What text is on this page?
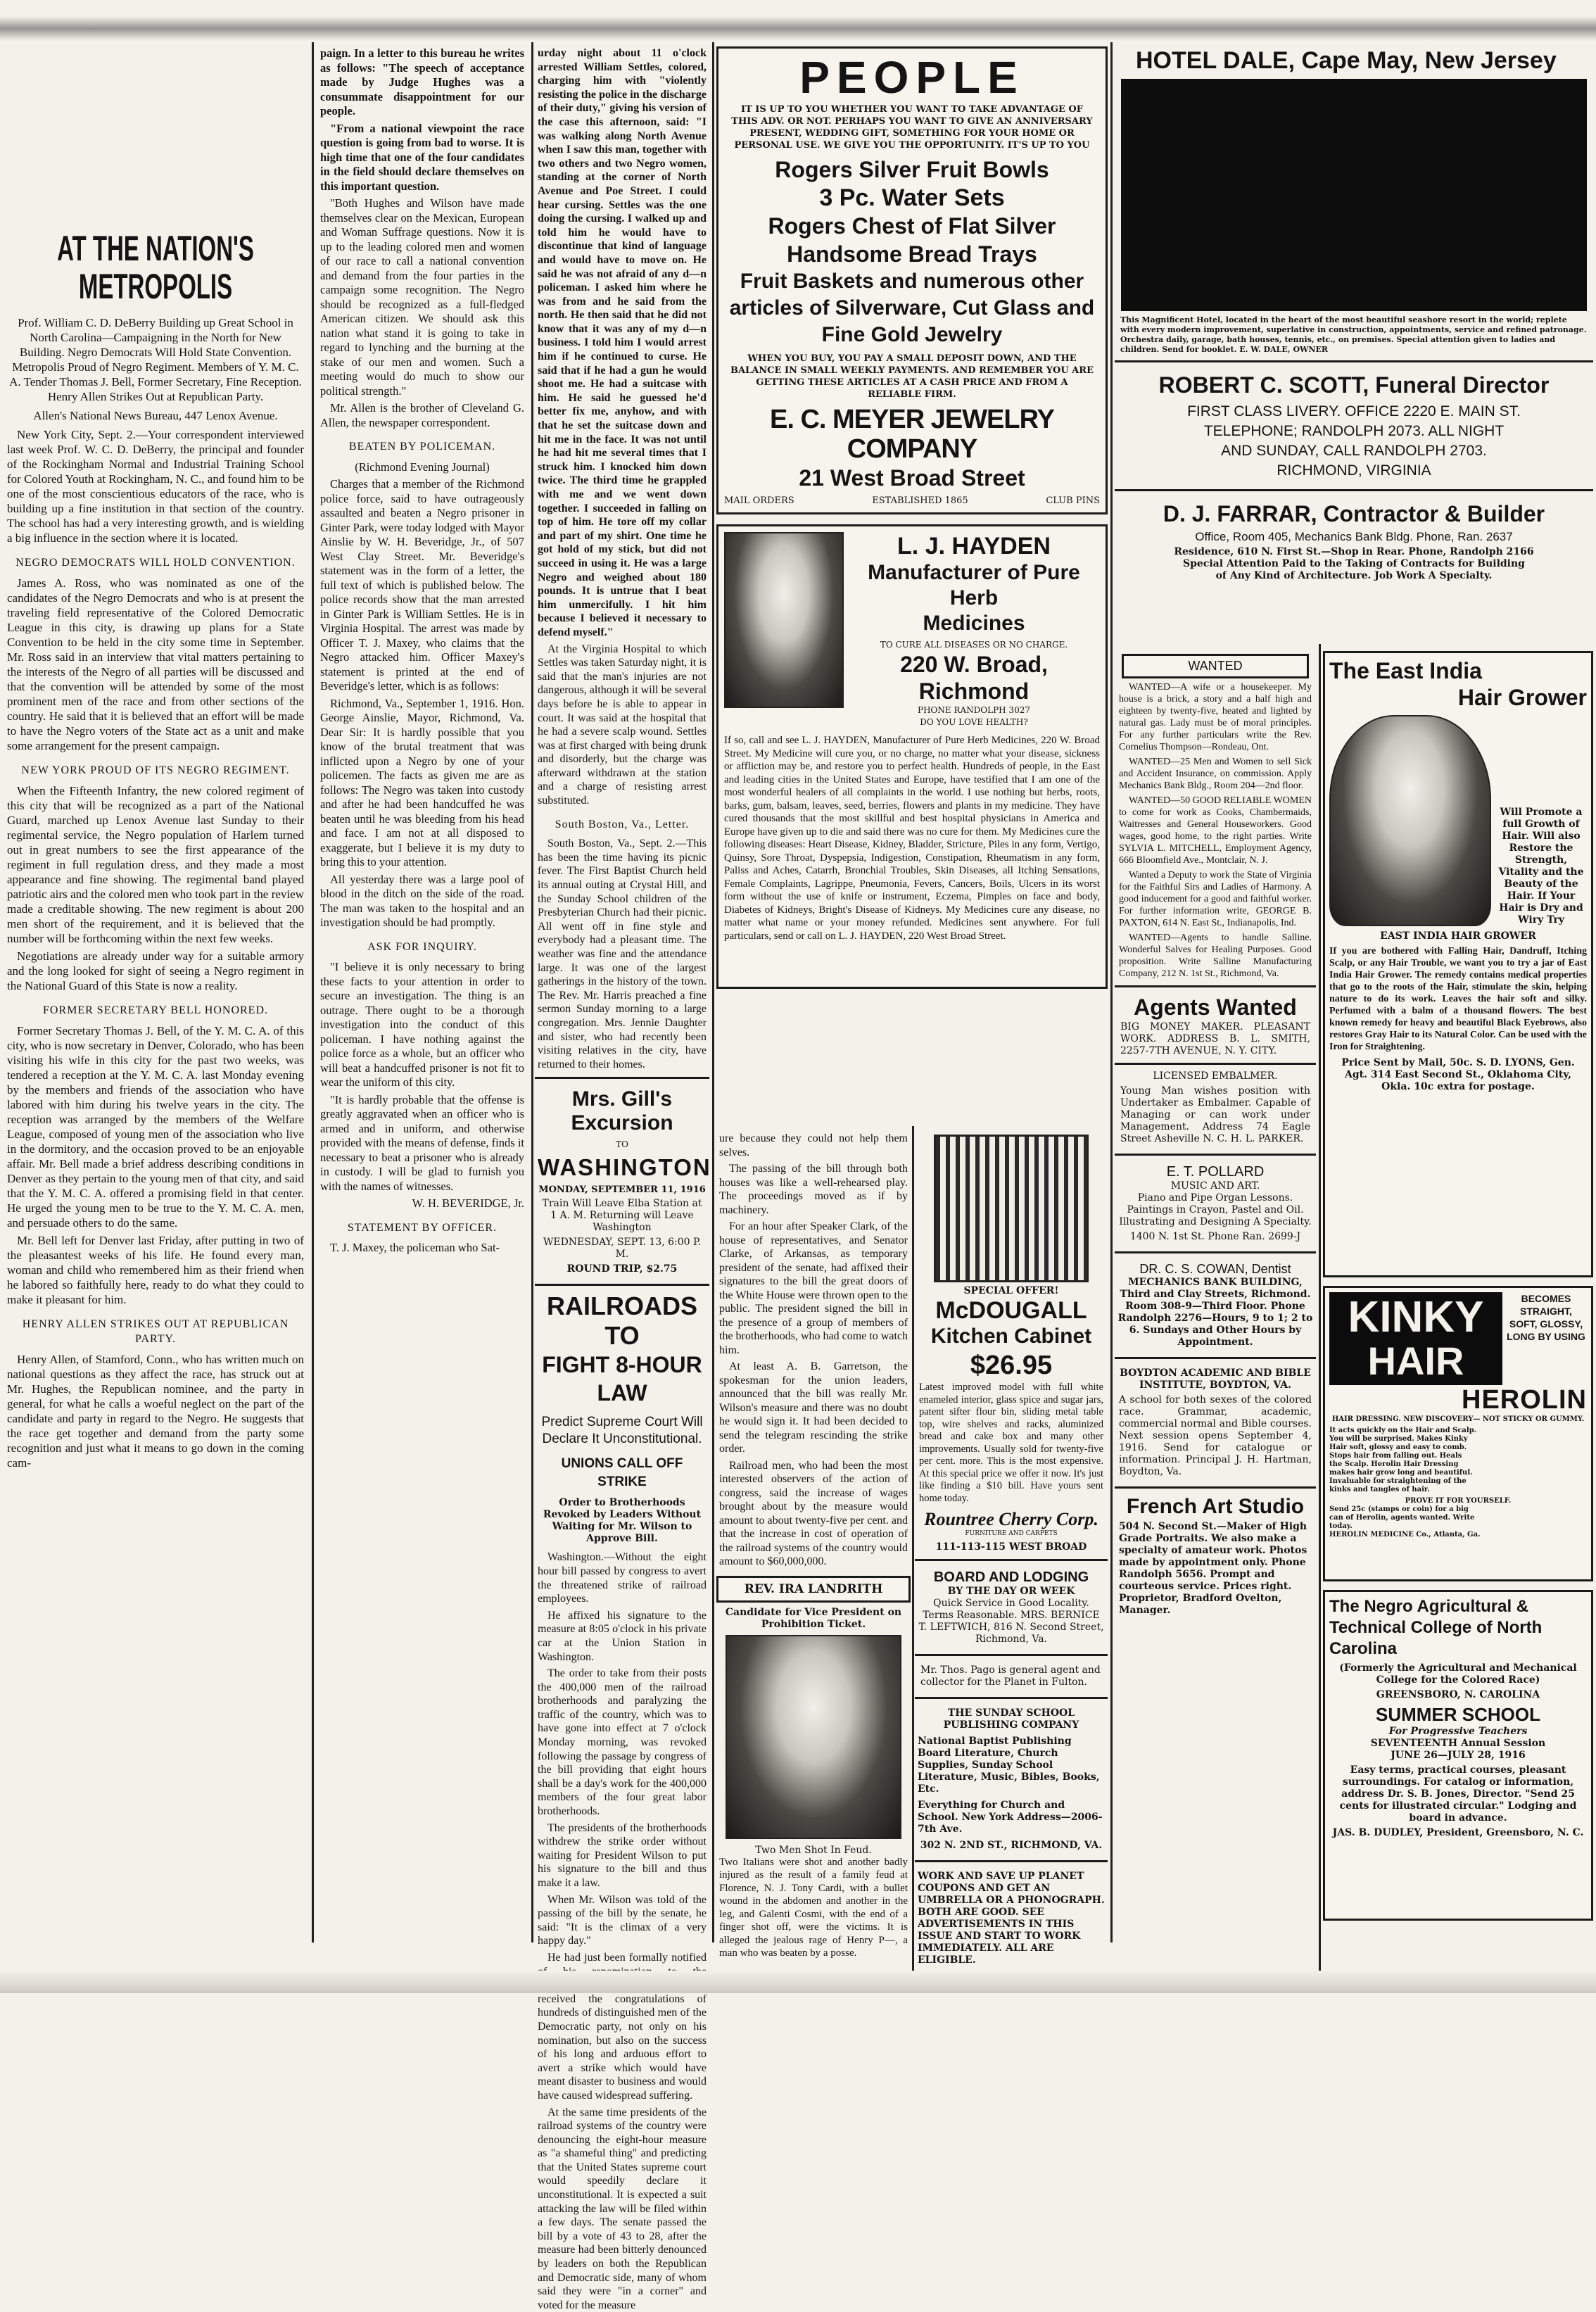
AT THE NATION'S
METROPOLIS

Prof. William C. D. DeBerry Building up Great School in North Carolina—Campaigning in the North for New Building. Negro Democrats Will Hold State Convention. Metropolis Proud of Negro Regiment. Members of Y. M. C. A. Tender Thomas J. Bell, Former Secretary, Fine Reception. Henry Allen Strikes Out at Republican Party.

Allen's National News Bureau, 447 Lenox Avenue.

New York City, Sept. 2.—Your correspondent interviewed last week Prof. W. C. D. DeBerry, the principal and founder of the Rockingham Normal and Industrial Training School for Colored Youth at Rockingham, N. C., and found him to be one of the most conscientious educators of the race, who is building up a fine institution in that section of the country. The school has had a very interesting growth, and is wielding a big influence in the section where it is located.

NEGRO DEMOCRATS WILL HOLD CONVENTION.

James A. Ross, who was nominated as one of the candidates of the Negro Democrats and who is at present the traveling field representative of the Colored Democratic League in this city, is drawing up plans for a State Convention to be held in the city some time in September. Mr. Ross said in an interview that vital matters pertaining to the interests of the Negro of all parties will be discussed and that the convention will be attended by some of the most prominent men of the race and from other sections of the country. He said that it is believed that an effort will be made to have the Negro voters of the State act as a unit and make some arrangement for the present campaign.

NEW YORK PROUD OF ITS NEGRO REGIMENT.

When the Fifteenth Infantry, the new colored regiment of this city that will be recognized as a part of the National Guard, marched up Lenox Avenue last Sunday to their regimental service, the Negro population of Harlem turned out in great numbers to see the first appearance of the regiment in full regulation dress, and they made a most appearance and fine showing. The regimental band played patriotic airs and the colored men who took part in the review made a creditable showing. The new regiment is about 200 men short of the requirement, and it is believed that the number will be forthcoming within the next few weeks.

Negotiations are already under way for a suitable armory and the long looked for sight of seeing a Negro regiment in the National Guard of this State is now a reality.

FORMER SECRETARY BELL HONORED.

Former Secretary Thomas J. Bell, of the Y. M. C. A. of this city, who is now secretary in Denver, Colorado, who has been visiting his wife in this city for the past two weeks, was tendered a reception at the Y. M. C. A. last Monday evening by the members and friends of the association who have labored with him during his twelve years in the city. The reception was arranged by the members of the Welfare League, composed of young men of the association who live in the dormitory, and the occasion proved to be an enjoyable affair. Mr. Bell made a brief address describing conditions in Denver as they pertain to the young men of that city, and said that the Y. M. C. A. offered a promising field in that center. He urged the young men to be true to the Y. M. C. A. men, and persuade others to do the same.

Mr. Bell left for Denver last Friday, after putting in two of the pleasantest weeks of his life. He found every man, woman and child who remembered him as their friend when he labored so faithfully here, ready to do what they could to make it pleasant for him.

HENRY ALLEN STRIKES OUT AT REPUBLICAN PARTY.

Henry Allen, of Stamford, Conn., who has written much on national questions as they affect the race, has struck out at Mr. Hughes, the Republican nominee, and the party in general, for what he calls a woeful neglect on the part of the candidate and party in regard to the Negro. He suggests that the race get together and demand from the party some recognition and just what it means to go down in the coming cam-

paign. In a letter to this bureau he writes as follows: "The speech of acceptance made by Judge Hughes was a consummate disappointment for our people.

"From a national viewpoint the race question is going from bad to worse. It is high time that one of the four candidates in the field should declare themselves on this important question.

"Both Hughes and Wilson have made themselves clear on the Mexican, European and Woman Suffrage questions. Now it is up to the leading colored men and women of our race to call a national convention and demand from the four parties in the campaign some recognition. The Negro should be recognized as a full-fledged American citizen. We should ask this nation what stand it is going to take in regard to lynching and the burning at the stake of our men and women. Such a meeting would do much to show our political strength."

Mr. Allen is the brother of Cleveland G. Allen, the newspaper correspondent.

BEATEN BY POLICEMAN.

(Richmond Evening Journal)

Charges that a member of the Richmond police force, said to have outrageously assaulted and beaten a Negro prisoner in Ginter Park, were today lodged with Mayor Ainslie by W. H. Beveridge, Jr., of 507 West Clay Street. Mr. Beveridge's statement was in the form of a letter, the full text of which is published below. The police records show that the man arrested in Ginter Park is William Settles. He is in Virginia Hospital. The arrest was made by Officer T. J. Maxey, who claims that the Negro attacked him. Officer Maxey's statement is printed at the end of Beveridge's letter, which is as follows:

Richmond, Va., September 1, 1916. Hon. George Ainslie, Mayor, Richmond, Va. Dear Sir: It is hardly possible that you know of the brutal treatment that was inflicted upon a Negro by one of your policemen. The facts as given me are as follows: The Negro was taken into custody and after he had been handcuffed he was beaten until he was bleeding from his head and face. I am not at all disposed to exaggerate, but I believe it is my duty to bring this to your attention.

All yesterday there was a large pool of blood in the ditch on the side of the road. The man was taken to the hospital and an investigation should be had promptly.

ASK FOR INQUIRY.

"I believe it is only necessary to bring these facts to your attention in order to secure an investigation. The thing is an outrage. There ought to be a thorough investigation into the conduct of this policeman. I have nothing against the police force as a whole, but an officer who will beat a handcuffed prisoner is not fit to wear the uniform of this city.

"It is hardly probable that the offense is greatly aggravated when an officer who is armed and in uniform, and otherwise provided with the means of defense, finds it necessary to beat a prisoner who is already in custody. I will be glad to furnish you with the names of witnesses.

W. H. BEVERIDGE, Jr.

STATEMENT BY OFFICER.

T. J. Maxey, the policeman who Sat-

urday night about 11 o'clock arrested William Settles, colored, charging him with "violently resisting the police in the discharge of their duty," giving his version of the case this afternoon, said: "I was walking along North Avenue when I saw this man, together with two others and two Negro women, standing at the corner of North Avenue and Poe Street. I could hear cursing. Settles was the one doing the cursing. I walked up and told him he would have to discontinue that kind of language and would have to move on. He said he was not afraid of any d—n policeman. I asked him where he was from and he said from the north. He then said that he did not know that it was any of my d—n business. I told him I would arrest him if he continued to curse. He said that if he had a gun he would shoot me. He had a suitcase with him. He said he guessed he'd better fix me, anyhow, and with that he set the suitcase down and hit me in the face. It was not until he had hit me several times that I struck him. I knocked him down twice. The third time he grappled with me and we went down together. I succeeded in falling on top of him. He tore off my collar and part of my shirt. One time he got hold of my stick, but did not succeed in using it. He was a large Negro and weighed about 180 pounds. It is untrue that I beat him unmercifully. I hit him because I believed it necessary to defend myself."

At the Virginia Hospital to which Settles was taken Saturday night, it is said that the man's injuries are not dangerous, although it will be several days before he is able to appear in court. It was said at the hospital that he had a severe scalp wound. Settles was at first charged with being drunk and disorderly, but the charge was afterward withdrawn at the station and a charge of resisting arrest substituted.

South Boston, Va., Letter.

South Boston, Va., Sept. 2.—This has been the time having its picnic fever. The First Baptist Church held its annual outing at Crystal Hill, and the Sunday School children of the Presbyterian Church had their picnic. All went off in fine style and everybody had a pleasant time. The weather was fine and the attendance large. It was one of the largest gatherings in the history of the town. The Rev. Mr. Harris preached a fine sermon Sunday morning to a large congregation. Mrs. Jennie Daughter and sister, who had recently been visiting relatives in the city, have returned to their homes.

Mrs. Gill's Excursion
TO
WASHINGTON
MONDAY, SEPTEMBER 11, 1916
Train Will Leave Elba Station at 1 A. M. Returning will Leave Washington
WEDNESDAY, SEPT. 13, 6:00 P. M.
ROUND TRIP, $2.75
RAILROADS TO
FIGHT 8-HOUR LAW
Predict Supreme Court Will Declare It Unconstitutional.
UNIONS CALL OFF STRIKE
Order to Brotherhoods Revoked by Leaders Without Waiting for Mr. Wilson to Approve Bill.

Washington.—Without the eight hour bill passed by congress to avert the threatened strike of railroad employees.

He affixed his signature to the measure at 8:05 o'clock in his private car at the Union Station in Washington.

The order to take from their posts the 400,000 men of the railroad brotherhoods and paralyzing the traffic of the country, which was to have gone into effect at 7 o'clock Monday morning, was revoked following the passage by congress of the bill providing that eight hours shall be a day's work for the 400,000 members of the four great labor brotherhoods.

The presidents of the brotherhoods withdrew the strike order without waiting for President Wilson to put his signature to the bill and thus make it a law.

When Mr. Wilson was told of the passing of the bill by the senate, he said: "It is the climax of a very happy day."

He had just been formally notified received the congratulations of hundreds of distinguished men of the Democratic party, not only on his nomination, but also on the success of his long and arduous effort to avert a strike which would have meant disaster to business and would have caused widespread suffering.

At the same time presidents of the railroad systems of the country were denouncing the eight-hour measure as "a shameful thing" and predicting that the United States supreme court would speedily declare it unconstitutional. It is expected a suit attacking the law will be filed within a few days. The senate passed the bill by a vote of 43 to 28, after the measure had been bitterly denounced by leaders on both the Republican and Democratic side, many of whom said they were "in a corner" and voted for the measure

PEOPLE
IT IS UP TO YOU WHETHER YOU WANT TO TAKE ADVANTAGE OF THIS ADV. OR NOT. PERHAPS YOU WANT TO GIVE AN ANNIVERSARY PRESENT, WEDDING GIFT, SOMETHING FOR YOUR HOME OR PERSONAL USE. WE GIVE YOU THE OPPORTUNITY. IT'S UP TO YOU
Rogers Silver Fruit Bowls
3 Pc. Water Sets
Rogers Chest of Flat Silver
Handsome Bread Trays
Fruit Baskets and numerous other articles of Silverware, Cut Glass and Fine Gold Jewelry
WHEN YOU BUY, YOU PAY A SMALL DEPOSIT DOWN, AND THE BALANCE IN SMALL WEEKLY PAYMENTS. AND REMEMBER YOU ARE GETTING THESE ARTICLES AT A CASH PRICE AND FROM A RELIABLE FIRM.
E. C. MEYER JEWELRY COMPANY
21 West Broad Street
MAIL ORDERS	ESTABLISHED 1865	CLUB PINS
L. J. HAYDEN
Manufacturer of Pure Herb
Medicines
TO CURE ALL DISEASES OR NO CHARGE.
220 W. Broad, Richmond
PHONE RANDOLPH 3027
DO YOU LOVE HEALTH?
If so, call and see L. J. HAYDEN, Manufacturer of Pure Herb Medicines, 220 W. Broad Street. My Medicine will cure you, or no charge, no matter what your disease, sickness or affliction may be, and restore you to perfect health. Hundreds of people, in the East and leading cities in the United States and Europe, have testified that I am one of the most wonderful healers of all complaints in the world. I use nothing but herbs, roots, barks, gum, balsam, leaves, seed, berries, flowers and plants in my medicine. They have cured thousands that the most skillful and best hospital physicians in America and Europe have given up to die and said there was no cure for them. My Medicines cure the following diseases: Heart Disease, Kidney, Bladder, Stricture, Piles in any form, Vertigo, Quinsy, Sore Throat, Dyspepsia, Indigestion, Constipation, Rheumatism in any form, Paliss and Aches, Catarrh, Bronchial Troubles, Skin Diseases, all Itching Sensations, Female Complaints, Lagrippe, Pneumonia, Fevers, Cancers, Boils, Ulcers in its worst form without the use of knife or instrument, Eczema, Pimples on face and body, Diabetes of Kidneys, Bright's Disease of Kidneys. My Medicines cure any disease, no matter what name or your money refunded. Medicines sent anywhere. For full particulars, send or call on L. J. HAYDEN, 220 West Broad Street.

ure because they could not help them selves.

The passing of the bill through both houses was like a well-rehearsed play. The proceedings moved as if by machinery.

For an hour after Speaker Clark, of the house of representatives, and Senator Clarke, of Arkansas, as temporary president of the senate, had affixed their signatures to the bill the great doors of the White House were thrown open to the public. The president signed the bill in the presence of a group of members of the brotherhoods, who had come to watch him.

At least A. B. Garretson, the spokesman for the union leaders, announced that the bill was really Mr. Wilson's measure and there was no doubt he would sign it. It had been decided to send the telegram rescinding the strike order.

Railroad men, who had been the most interested observers of the action of congress, said the increase of wages brought about by the measure would amount to about twenty-five per cent. and that the increase in cost of operation of the railroad systems of the country would amount to $60,000,000.

REV. IRA LANDRITH
Candidate for Vice President on Prohibition Ticket.
Two Men Shot In Feud.
Two Italians were shot and another badly injured as the result of a family feud at Florence, N. J. Tony Cardi, with a bullet wound in the abdomen and another in the leg, and Galenti Cosmi, with the end of a finger shot off, were the victims. It is alleged the jealous rage of Henry P—, a man who was beaten by a posse.
SPECIAL OFFER!
McDOUGALL
Kitchen Cabinet
$26.95
Latest improved model with full white enameled interior, glass spice and sugar jars, patent sifter flour bin, sliding metal table top, wire shelves and racks, aluminized bread and cake box and many other improvements. Usually sold for twenty-five per cent. more. This is the most expensive. At this special price we offer it now. It's just like finding a $10 bill. Have yours sent home today.
Rountree Cherry Corp.
FURNITURE AND CARPETS
111-113-115 WEST BROAD
BOARD AND LODGING
BY THE DAY OR WEEK
Quick Service in Good Locality. Terms Reasonable. MRS. BERNICE T. LEFTWICH, 816 N. Second Street, Richmond, Va.
Mr. Thos. Pago is general agent and collector for the Planet in Fulton.
THE SUNDAY SCHOOL PUBLISHING COMPANY
National Baptist Publishing Board Literature, Church Supplies, Sunday School Literature, Music, Bibles, Books, Etc.
Everything for Church and School. New York Address—2006-7th Ave.
302 N. 2ND ST., RICHMOND, VA.
WORK AND SAVE UP PLANET COUPONS AND GET AN UMBRELLA OR A PHONOGRAPH. BOTH ARE GOOD. SEE ADVERTISEMENTS IN THIS ISSUE AND START TO WORK IMMEDIATELY. ALL ARE ELIGIBLE.
HOTEL DALE, Cape May, New Jersey
This Magnificent Hotel, located in the heart of the most beautiful seashore resort in the world; replete with every modern improvement, superlative in construction, appointments, service and refined patronage. Orchestra daily, garage, bath houses, tennis, etc., on premises. Special attention given to ladies and children. Send for booklet. E. W. DALE, OWNER
ROBERT C. SCOTT, Funeral Director
FIRST CLASS LIVERY. OFFICE 2220 E. MAIN ST.
TELEPHONE; RANDOLPH 2073. ALL NIGHT
AND SUNDAY, CALL RANDOLPH 2703.
RICHMOND, VIRGINIA
D. J. FARRAR, Contractor & Builder
Office, Room 405, Mechanics Bank Bldg. Phone, Ran. 2637
Residence, 610 N. First St.—Shop in Rear. Phone, Randolph 2166
Special Attention Paid to the Taking of Contracts for Building
of Any Kind of Architecture. Job Work A Specialty.
WANTED

WANTED—A wife or a housekeeper. My house is a brick, a story and a half high and eighteen by twenty-five, heated and lighted by natural gas. Lady must be of moral principles. For any further particulars write the Rev. Cornelius Thompson—Rondeau, Ont.

WANTED—25 Men and Women to sell Sick and Accident Insurance, on commission. Apply Mechanics Bank Bldg., Room 204—2nd floor.

WANTED—50 GOOD RELIABLE WOMEN to come for work as Cooks, Chambermaids, Waitresses and General Houseworkers. Good wages, good home, to the right parties. Write SYLVIA L. MITCHELL, Employment Agency, 666 Bloomfield Ave., Montclair, N. J.

Wanted a Deputy to work the State of Virginia for the Faithful Sirs and Ladies of Harmony. A good inducement for a good and faithful worker. For further information write, GEORGE B. PAXTON, 614 N. East St., Indianapolis, Ind.

WANTED—Agents to handle Salline. Wonderful Salves for Healing Purposes. Good proposition. Write Salline Manufacturing Company, 212 N. 1st St., Richmond, Va.

Agents Wanted
BIG MONEY MAKER. PLEASANT WORK. ADDRESS B. L. SMITH, 2257-7TH AVENUE, N. Y. CITY.
LICENSED EMBALMER.
Young Man wishes position with Undertaker as Embalmer. Capable of Managing or can work under Management. Address 74 Eagle Street Asheville N. C. H. L. PARKER.
E. T. POLLARD
MUSIC AND ART.
Piano and Pipe Organ Lessons. Paintings in Crayon, Pastel and Oil. Illustrating and Designing A Specialty.
1400 N. 1st St. Phone Ran. 2699-J
DR. C. S. COWAN, Dentist
MECHANICS BANK BUILDING, Third and Clay Streets, Richmond. Room 308-9—Third Floor. Phone Randolph 2276—Hours, 9 to 1; 2 to 6. Sundays and Other Hours by Appointment.
BOYDTON ACADEMIC AND BIBLE INSTITUTE, BOYDTON, VA.
A school for both sexes of the colored race. Grammar, academic, commercial normal and Bible courses. Next session opens September 4, 1916. Send for catalogue or information. Principal J. H. Hartman, Boydton, Va.
French Art Studio
504 N. Second St.—Maker of High Grade Portraits. We also make a specialty of amateur work. Photos made by appointment only. Phone Randolph 5656. Prompt and courteous service. Prices right. Proprietor, Bradford Ovelton, Manager.
The East India
Hair Grower
Will Promote a full Growth of Hair. Will also Restore the Strength, Vitality and the Beauty of the Hair. If Your Hair is Dry and Wiry Try
EAST INDIA HAIR GROWER
If you are bothered with Falling Hair, Dandruff, Itching Scalp, or any Hair Trouble, we want you to try a jar of East India Hair Grower. The remedy contains medical properties that go to the roots of the Hair, stimulate the skin, helping nature to do its work. Leaves the hair soft and silky. Perfumed with a balm of a thousand flowers. The best known remedy for heavy and beautiful Black Eyebrows, also restores Gray Hair to its Natural Color. Can be used with the Iron for Straightening.
Price Sent by Mail, 50c. S. D. LYONS, Gen. Agt. 314 East Second St., Oklahoma City, Okla. 10c extra for postage.
KINKY
HAIR
BECOMES STRAIGHT, SOFT, GLOSSY, LONG BY USING
HEROLIN
HAIR DRESSING. NEW DISCOVERY— NOT STICKY OR GUMMY.
It acts quickly on the Hair and Scalp. You will be surprised. Makes Kinky Hair soft, glossy and easy to comb. Stops hair from falling out. Heals the Scalp. Herolin Hair Dressing makes hair grow long and beautiful. Invaluable for straightening of the kinks and tangles of hair.
PROVE IT FOR YOURSELF.
Send 25c (stamps or coin) for a big can of Herolin, agents wanted. Write today.
HEROLIN MEDICINE Co., Atlanta, Ga.
The Negro Agricultural & Technical College of North Carolina
(Formerly the Agricultural and Mechanical College for the Colored Race)
GREENSBORO, N. CAROLINA
SUMMER SCHOOL
For Progressive Teachers
SEVENTEENTH Annual Session
JUNE 26—JULY 28, 1916
Easy terms, practical courses, pleasant surroundings. For catalog or information, address Dr. S. B. Jones, Director. "Send 25 cents for illustrated circular." Lodging and board in advance.
JAS. B. DUDLEY, President, Greensboro, N. C.
